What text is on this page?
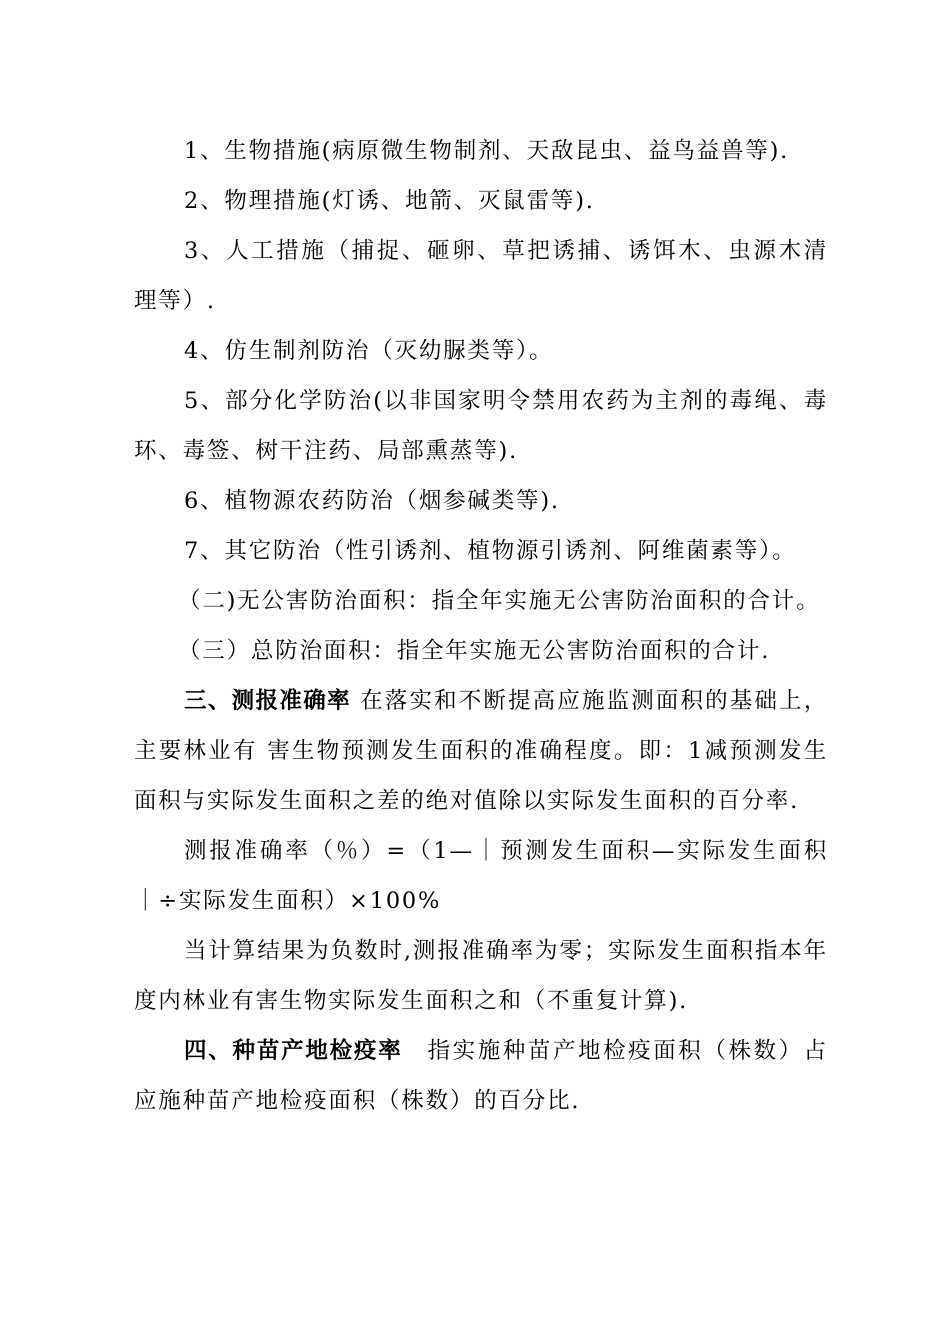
1、生物措施(病原微生物制剂、天敌昆虫、益鸟益兽等).

2、物理措施(灯诱、地箭、灭鼠雷等).

3、人工措施（捕捉、砸卵、草把诱捕、诱饵木、虫源木清理等）.

4、仿生制剂防治（灭幼脲类等）。

5、部分化学防治(以非国家明令禁用农药为主剂的毒绳、毒环、毒签、树干注药、局部熏蒸等).

6、植物源农药防治（烟参碱类等).

7、其它防治（性引诱剂、植物源引诱剂、阿维菌素等）。

（二)无公害防治面积：指全年实施无公害防治面积的合计。

（三）总防治面积：指全年实施无公害防治面积的合计.

三、测报准确率 在落实和不断提高应施监测面积的基础上，主要林业有 害生物预测发生面积的准确程度。即：1减预测发生面积与实际发生面积之差的绝对值除以实际发生面积的百分率.

测报准确率（％）=（1—｜预测发生面积—实际发生面积｜÷实际发生面积）×100%

当计算结果为负数时,测报准确率为零；实际发生面积指本年度内林业有害生物实际发生面积之和（不重复计算).

四、种苗产地检疫率　指实施种苗产地检疫面积（株数）占应施种苗产地检疫面积（株数）的百分比.
